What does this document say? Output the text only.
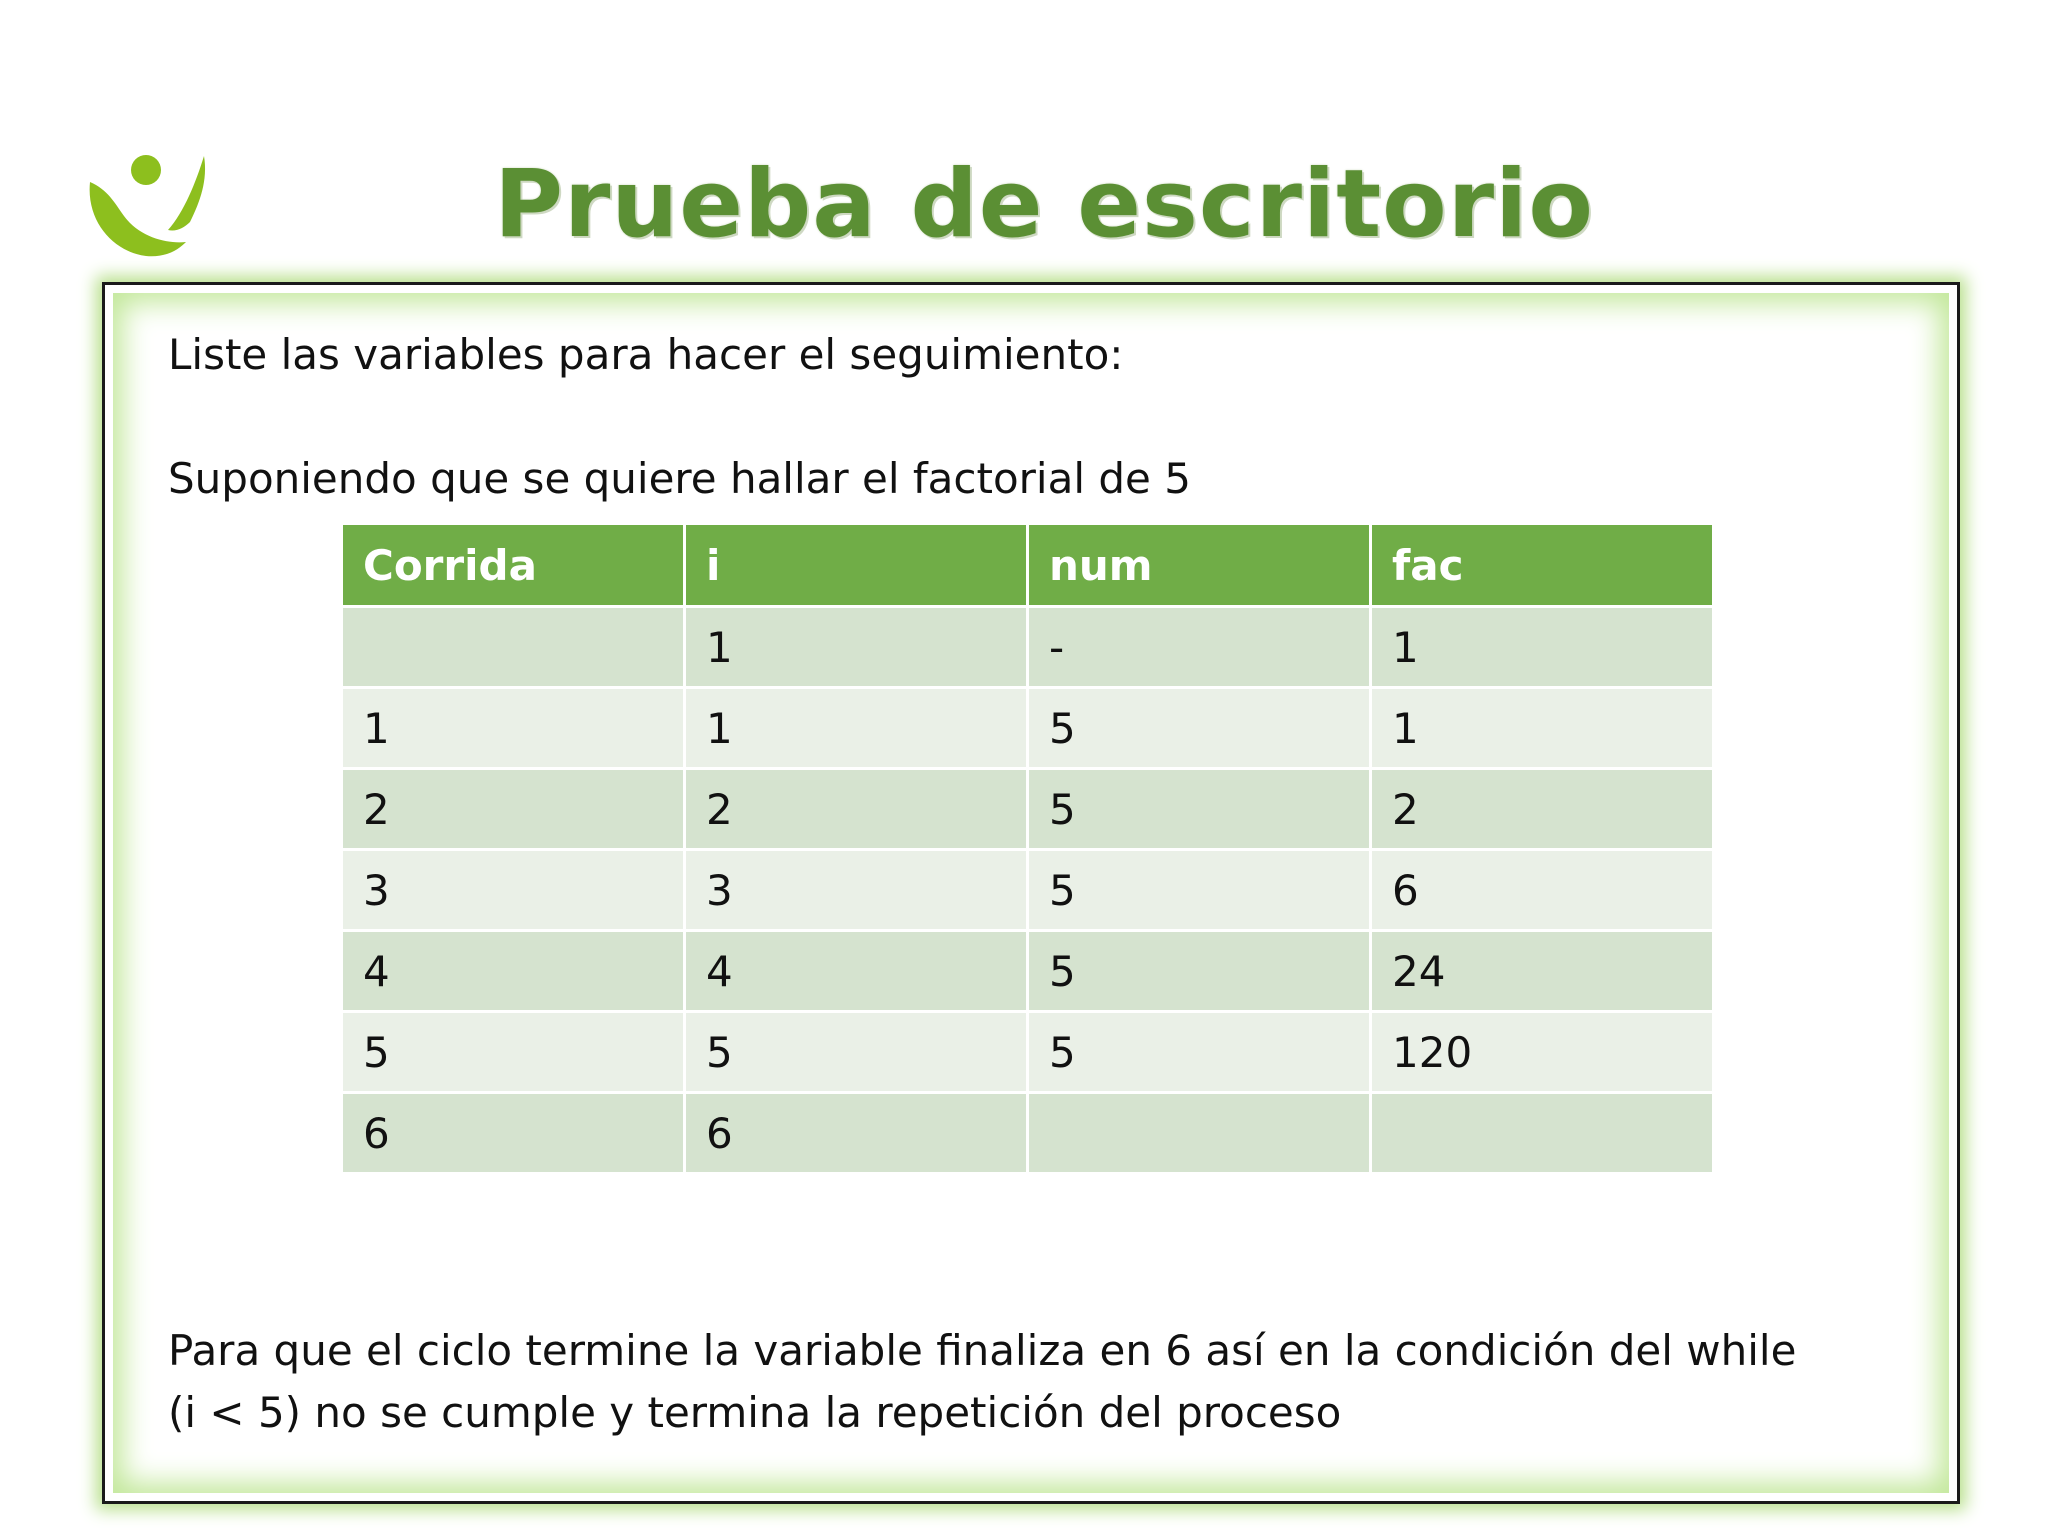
Prueba de escritorio
Liste las variables para hacer el seguimiento:
Suponiendo que se quiere hallar el factorial de 5
Corrida	i	num	fac
	1	-	1
1	1	5	1
2	2	5	2
3	3	5	6
4	4	5	24
5	5	5	120
6	6		
Para que el ciclo termine la variable finaliza en 6 así en la condición del while
(i < 5) no se cumple y termina la repetición del proceso
